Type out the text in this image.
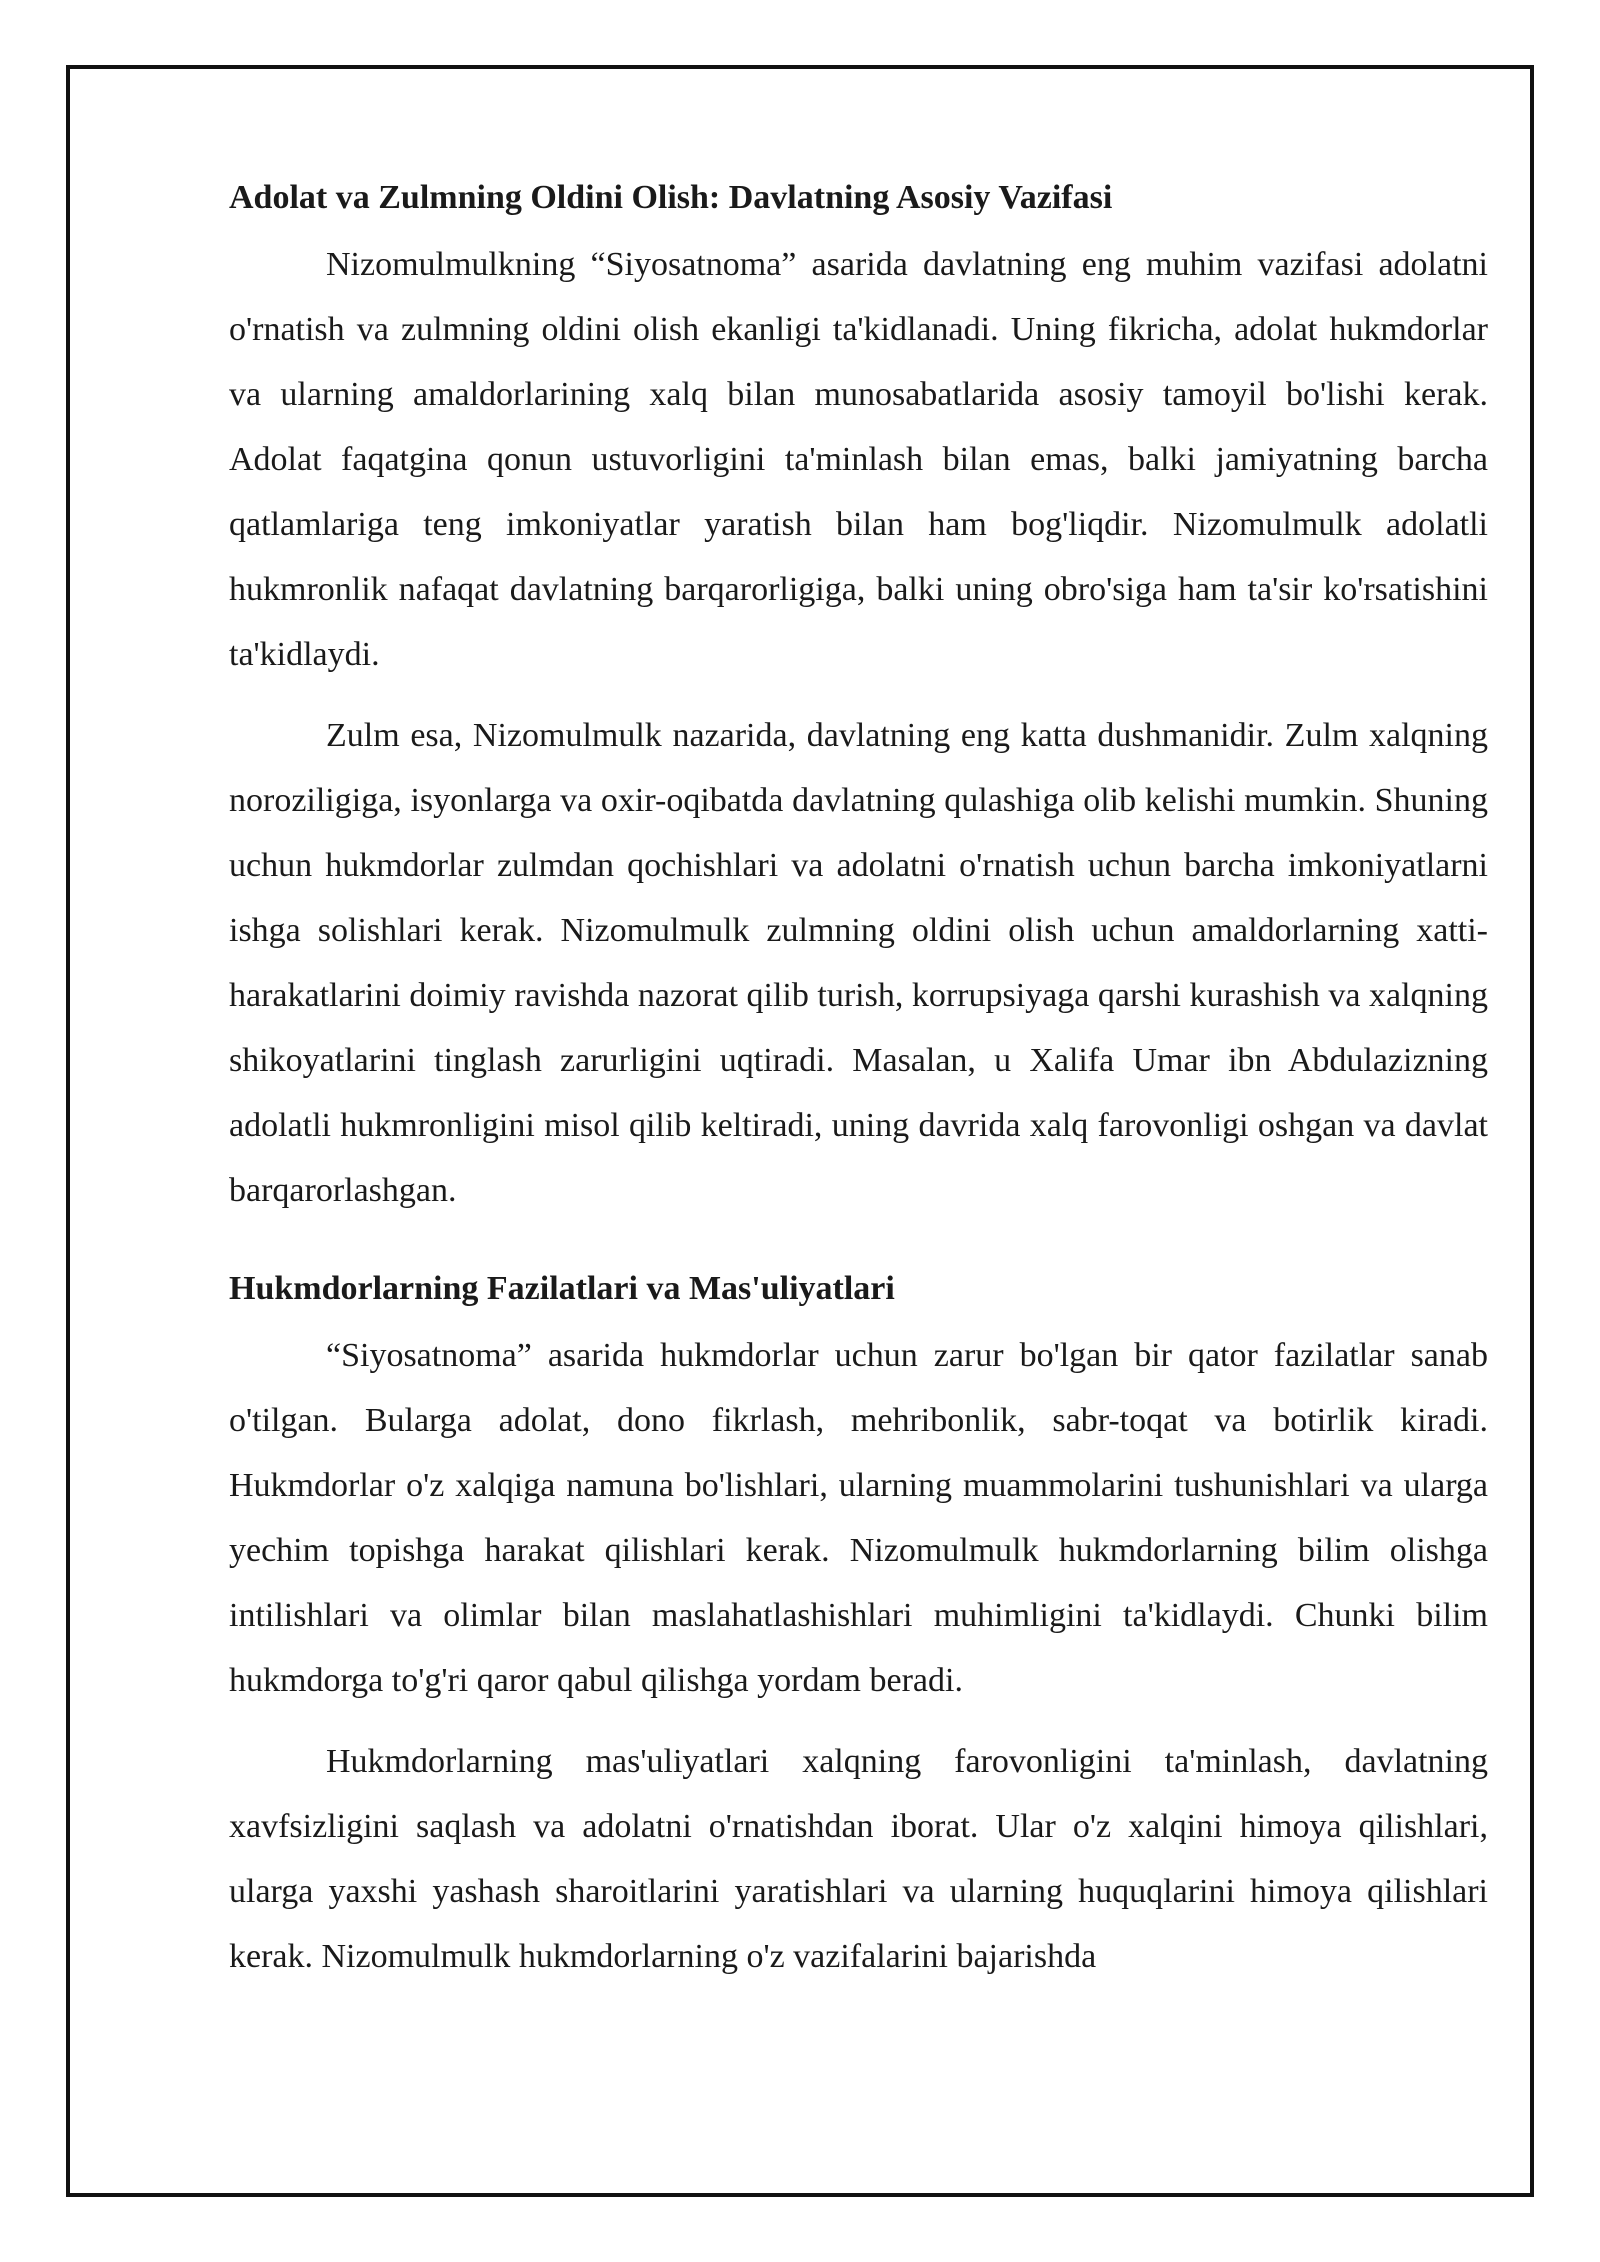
Adolat va Zulmning Oldini Olish: Davlatning Asosiy Vazifasi

Nizomulmulkning “Siyosatnoma” asarida davlatning eng muhim vazifasi adolatni o'rnatish va zulmning oldini olish ekanligi ta'kidlanadi. Uning fikricha, adolat hukmdorlar va ularning amaldorlarining xalq bilan munosabatlarida asosiy tamoyil bo'lishi kerak. Adolat faqatgina qonun ustuvorligini ta'minlash bilan emas, balki jamiyatning barcha qatlamlariga teng imkoniyatlar yaratish bilan ham bog'liqdir. Nizomulmulk adolatli hukmronlik nafaqat davlatning barqarorligiga, balki uning obro'siga ham ta'sir ko'rsatishini ta'kidlaydi.

Zulm esa, Nizomulmulk nazarida, davlatning eng katta dushmanidir. Zulm xalqning noroziligiga, isyonlarga va oxir-oqibatda davlatning qulashiga olib kelishi mumkin. Shuning uchun hukmdorlar zulmdan qochishlari va adolatni o'rnatish uchun barcha imkoniyatlarni ishga solishlari kerak. Nizomulmulk zulmning oldini olish uchun amaldorlarning xatti-harakatlarini doimiy ravishda nazorat qilib turish, korrupsiyaga qarshi kurashish va xalqning shikoyatlarini tinglash zarurligini uqtiradi. Masalan, u Xalifa Umar ibn Abdulazizning adolatli hukmronligini misol qilib keltiradi, uning davrida xalq farovonligi oshgan va davlat barqarorlashgan.

Hukmdorlarning Fazilatlari va Mas'uliyatlari

“Siyosatnoma” asarida hukmdorlar uchun zarur bo'lgan bir qator fazilatlar sanab o'tilgan. Bularga adolat, dono fikrlash, mehribonlik, sabr-toqat va botirlik kiradi. Hukmdorlar o'z xalqiga namuna bo'lishlari, ularning muammolarini tushunishlari va ularga yechim topishga harakat qilishlari kerak. Nizomulmulk hukmdorlarning bilim olishga intilishlari va olimlar bilan maslahatlashishlari muhimligini ta'kidlaydi. Chunki bilim hukmdorga to'g'ri qaror qabul qilishga yordam beradi.

Hukmdorlarning mas'uliyatlari xalqning farovonligini ta'minlash, davlatning xavfsizligini saqlash va adolatni o'rnatishdan iborat. Ular o'z xalqini himoya qilishlari, ularga yaxshi yashash sharoitlarini yaratishlari va ularning huquqlarini himoya qilishlari kerak. Nizomulmulk hukmdorlarning o'z vazifalarini bajarishda
